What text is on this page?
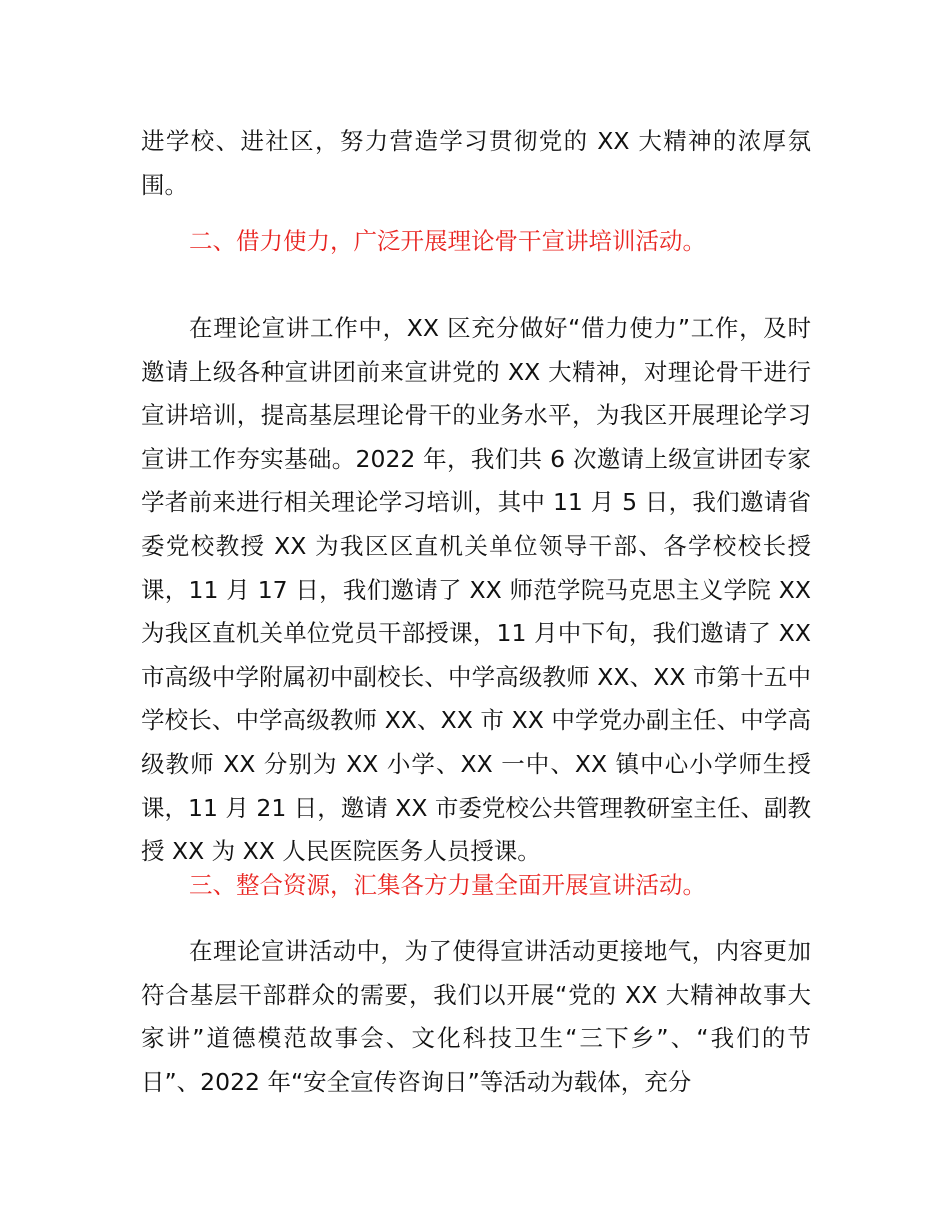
进学校、进社区，努力营造学习贯彻党的 XX 大精神的浓厚氛围。

二、借力使力，广泛开展理论骨干宣讲培训活动。

在理论宣讲工作中，XX 区充分做好“借力使力”工作，及时邀请上级各种宣讲团前来宣讲党的 XX 大精神，对理论骨干进行宣讲培训，提高基层理论骨干的业务水平，为我区开展理论学习宣讲工作夯实基础。2022 年，我们共 6 次邀请上级宣讲团专家学者前来进行相关理论学习培训，其中 11 月 5 日，我们邀请省委党校教授 XX 为我区区直机关单位领导干部、各学校校长授课，11 月 17 日，我们邀请了 XX 师范学院马克思主义学院 XX 为我区直机关单位党员干部授课，11 月中下旬，我们邀请了 XX 市高级中学附属初中副校长、中学高级教师 XX、XX 市第十五中学校长、中学高级教师 XX、XX 市 XX 中学党办副主任、中学高级教师 XX 分别为 XX 小学、XX 一中、XX 镇中心小学师生授课，11 月 21 日，邀请 XX 市委党校公共管理教研室主任、副教授 XX 为 XX 人民医院医务人员授课。

三、整合资源，汇集各方力量全面开展宣讲活动。

在理论宣讲活动中，为了使得宣讲活动更接地气，内容更加符合基层干部群众的需要，我们以开展“党的 XX 大精神故事大家讲”道德模范故事会、文化科技卫生“三下乡”、“我们的节日”、2022 年“安全宣传咨询日”等活动为载体，充分
